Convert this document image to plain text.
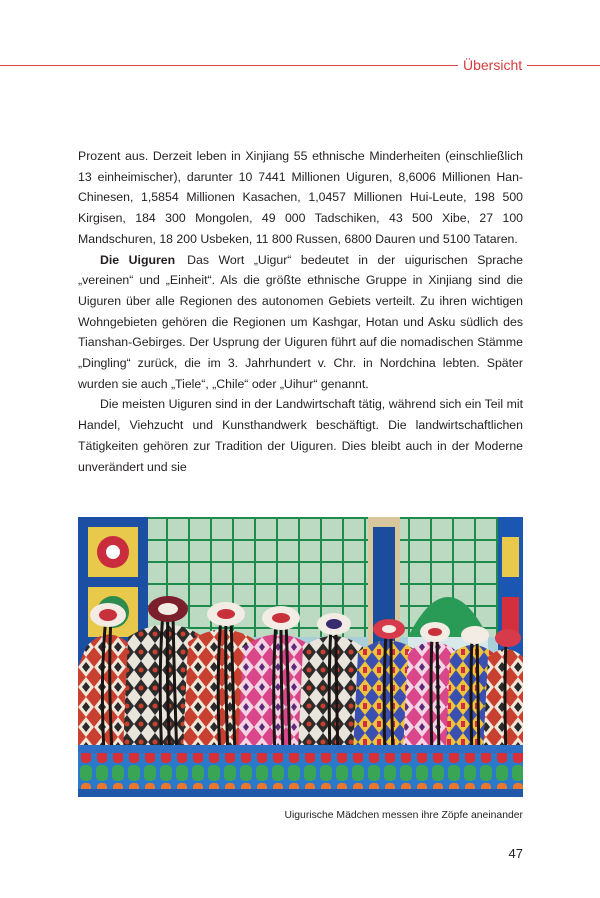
Übersicht

Prozent aus. Derzeit leben in Xinjiang 55 ethnische Minderheiten (einschließlich 13 einheimischer), darunter 10 7441 Millionen Uiguren, 8,6006 Millionen Han-Chinesen, 1,5854 Millionen Kasachen, 1,0457 Millionen Hui-Leute, 198 500 Kirgisen, 184 300 Mongolen, 49 000 Tadschiken, 43 500 Xibe, 27 100 Mandschuren, 18 200 Usbeken, 11 800 Russen, 6800 Dauren und 5100 Tataren.

Die Uiguren Das Wort „Uigur“ bedeutet in der uigurischen Sprache „vereinen“ und „Einheit“. Als die größte ethnische Gruppe in Xinjiang sind die Uiguren über alle Regionen des autonomen Gebiets verteilt. Zu ihren wichtigen Wohngebieten gehören die Regionen um Kashgar, Hotan und Asku südlich des Tianshan-Gebirges. Der Usprung der Uiguren führt auf die nomadischen Stämme „Dingling“ zurück, die im 3. Jahrhundert v. Chr. in Nordchina lebten. Später wurden sie auch „Tiele“, „Chile“ oder „Uihur“ genannt.

Die meisten Uiguren sind in der Landwirtschaft tätig, während sich ein Teil mit Handel, Viehzucht und Kunsthandwerk beschäftigt. Die landwirtschaftlichen Tätigkeiten gehören zur Tradition der Uiguren. Dies bleibt auch in der Moderne unverändert und sie

Uigurische Mädchen messen ihre Zöpfe aneinander
47
